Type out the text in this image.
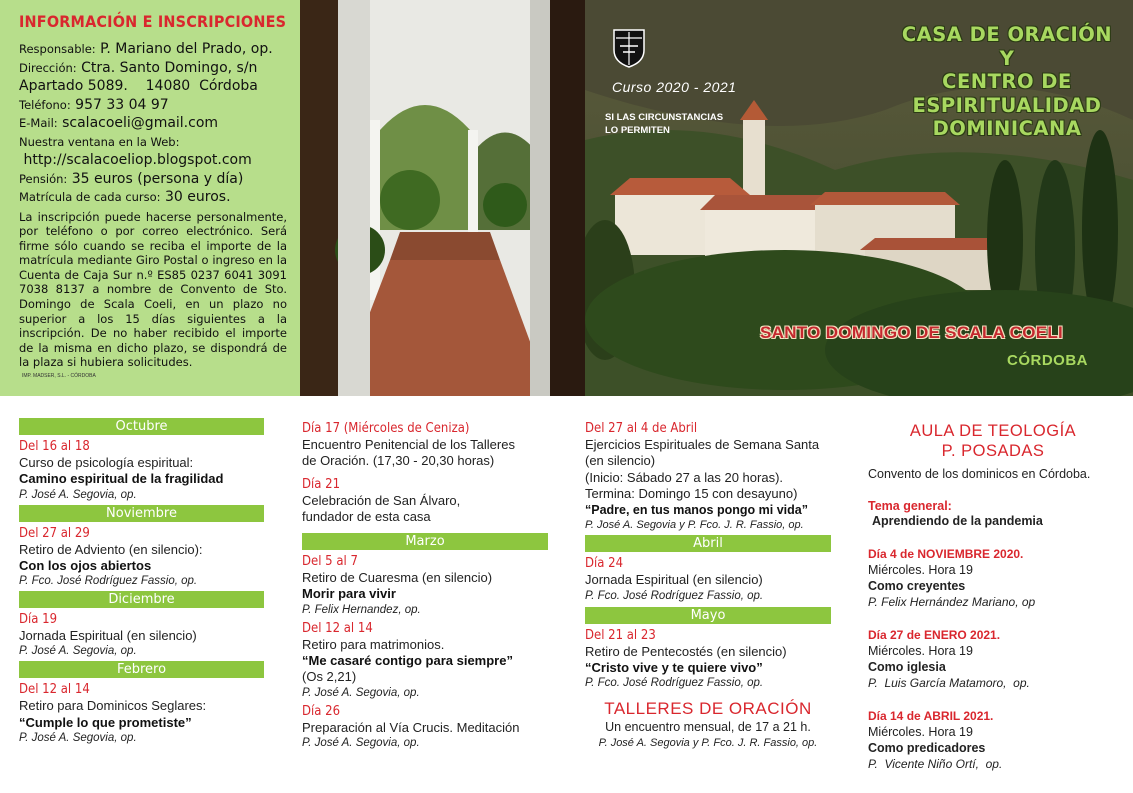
INFORMACIÓN E INSCRIPCIONES
Responsable: P. Mariano del Prado, op.
Dirección: Ctra. Santo Domingo, s/n
Apartado 5089.    14080  Córdoba
Teléfono: 957 33 04 97
E-Mail: scalacoeli@gmail.com
Nuestra ventana en la Web:
http://scalacoeliop.blogspot.com
Pensión: 35 euros (persona y día)
Matrícula de cada curso: 30 euros.
La inscripción puede hacerse personalmente, por teléfono o por correo electrónico. Será firme sólo cuando se reciba el importe de la matrícula mediante Giro Postal o ingreso en la Cuenta de Caja Sur n.º ES85 0237 6041 3091 7038 8137 a nombre de Convento de Sto. Domingo de Scala Coeli, en un plazo no superior a los 15 días siguientes a la inscripción. De no haber recibido el importe de la misma en dicho plazo, se dispondrá de la plaza si hubiera solicitudes.
IMP. MADSER, S.L. - CÓRDOBA
Curso 2020 - 2021
SI LAS CIRCUNSTANCIAS
LO PERMITEN
CASA DE ORACIÓN
Y
CENTRO DE
ESPIRITUALIDAD
DOMINICANA
SANTO DOMINGO DE SCALA COELI
CÓRDOBA
Octubre
Del 16 al 18
Curso de psicología espiritual:
Camino espiritual de la fragilidad
P. José A. Segovia, op.
Noviembre
Del 27 al 29
Retiro de Adviento (en silencio):
Con los ojos abiertos
P. Fco. José Rodríguez Fassio, op.
Diciembre
Día 19
Jornada Espiritual (en silencio)
P. José A. Segovia, op.
Febrero
Del 12 al 14
Retiro para Dominicos Seglares:
“Cumple lo que prometiste”
P. José A. Segovia, op.
Día 17 (Miércoles de Ceniza)
Encuentro Penitencial de los Talleres
de Oración. (17,30 - 20,30 horas)
Día 21
Celebración de San Álvaro,
fundador de esta casa
Marzo
Del 5 al 7
Retiro de Cuaresma (en silencio)
Morir para vivir
P. Felix Hernandez, op.
Del 12 al 14
Retiro para matrimonios.
“Me casaré contigo para siempre”
(Os 2,21)
P. José A. Segovia, op.
Día 26
Preparación al Vía Crucis. Meditación
P. José A. Segovia, op.
Del 27 al 4 de Abril
Ejercicios Espirituales de Semana Santa
(en silencio)
(Inicio: Sábado 27 a las 20 horas).
Termina: Domingo 15 con desayuno)
“Padre, en tus manos pongo mi vida”
P. José A. Segovia y P. Fco. J. R. Fassio, op.
Abril
Día 24
Jornada Espiritual (en silencio)
P. Fco. José Rodríguez Fassio, op.
Mayo
Del 21 al 23
Retiro de Pentecostés (en silencio)
“Cristo vive y te quiere vivo”
P. Fco. José Rodríguez Fassio, op.
TALLERES DE ORACIÓN
Un encuentro mensual, de 17 a 21 h.
P. José A. Segovia y P. Fco. J. R. Fassio, op.
AULA DE TEOLOGÍA
P. POSADAS
Convento de los dominicos en Córdoba.
Tema general:
Aprendiendo de la pandemia
Día 4 de NOVIEMBRE 2020.
Miércoles. Hora 19
Como creyentes
P. Felix Hernández Mariano, op
Día 27 de ENERO 2021.
Miércoles. Hora 19
Como iglesia
P.  Luis García Matamoro,  op.
Día 14 de ABRIL 2021.
Miércoles. Hora 19
Como predicadores
P.  Vicente Niño Ortí,  op.
